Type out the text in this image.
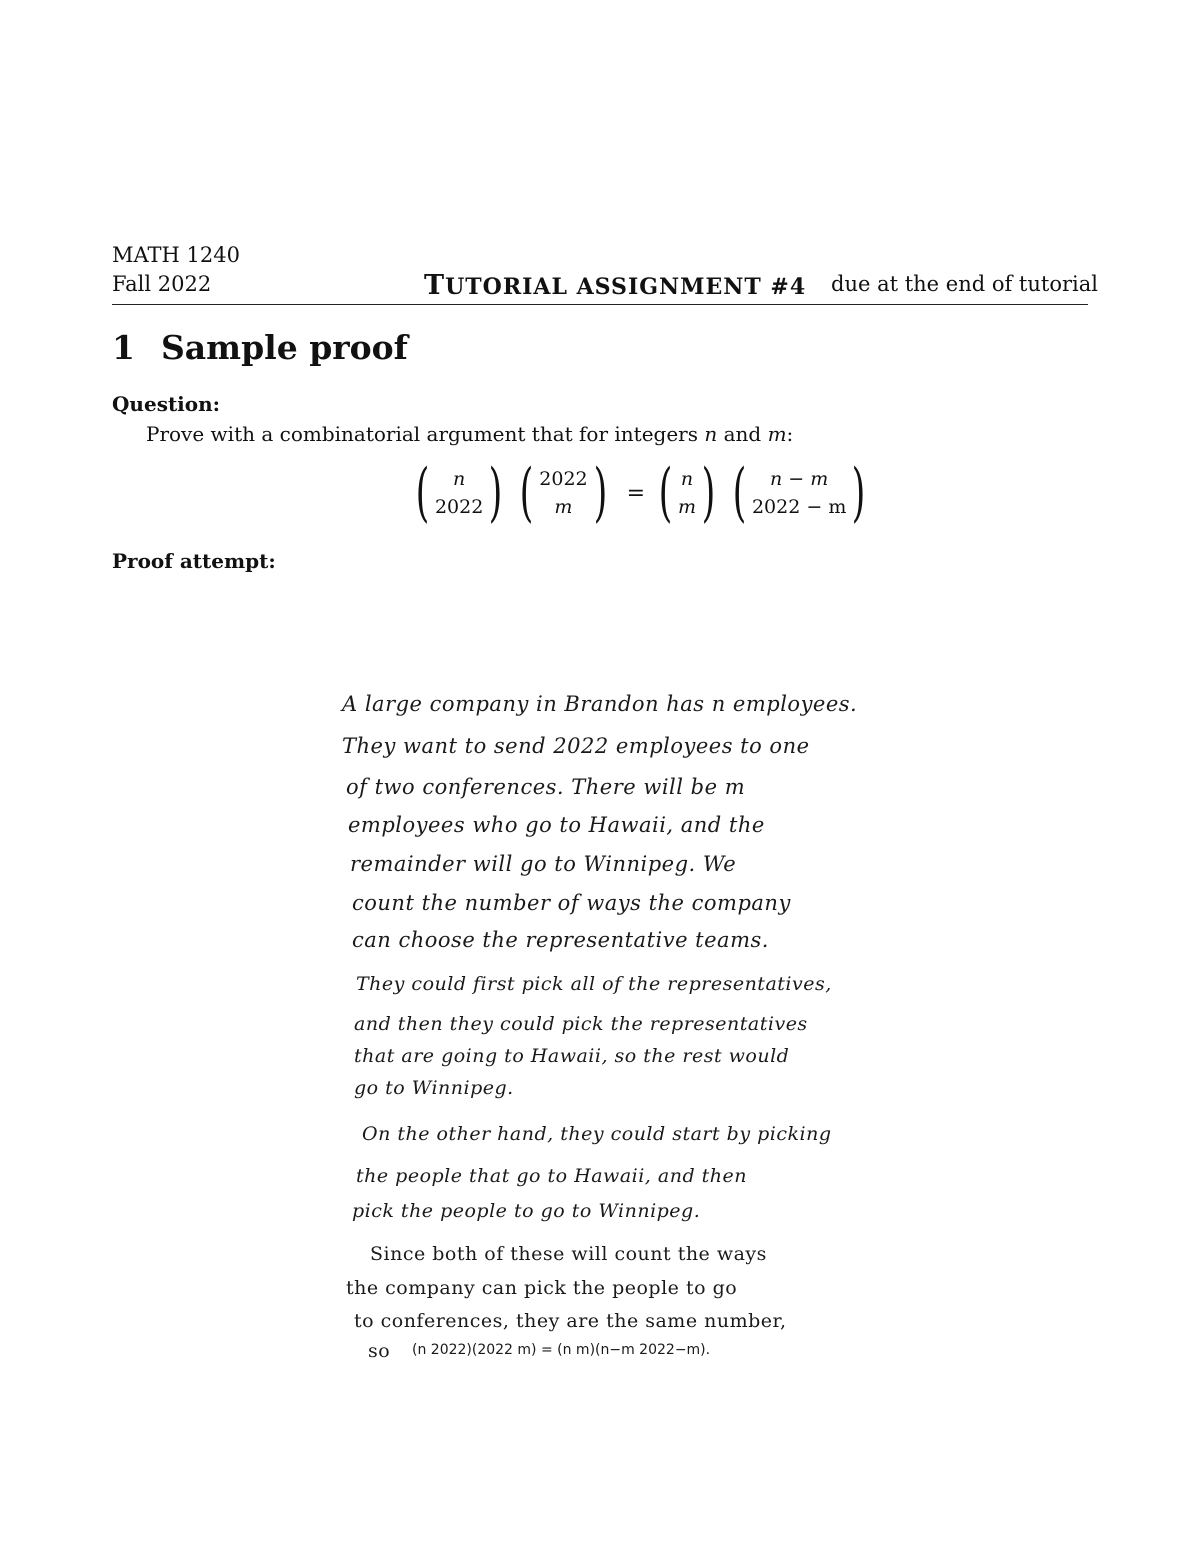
MATH 1240
Fall 2022	TUTORIAL ASSIGNMENT #4 due at the end of tutorial
1 Sample proof
Question:
Prove with a combinatorial argument that for integers n and m:
( n
2022 ) ( 2022
m ) = ( n
m ) ( n − m
2022 − m )
Proof attempt:
A large company in Brandon has n employees.
They want to send 2022 employees to one
of two conferences. There will be m
employees who go to Hawaii, and the
remainder will go to Winnipeg. We
count the number of ways the company
can choose the representative teams.
They could first pick all of the representatives,
and then they could pick the representatives
that are going to Hawaii, so the rest would
go to Winnipeg.
On the other hand, they could start by picking
the people that go to Hawaii, and then
pick the people to go to Winnipeg.
Since both of these will count the ways
the company can pick the people to go
to conferences, they are the same number,
so (n 2022)(2022 m) = (n m)(n−m 2022−m).
